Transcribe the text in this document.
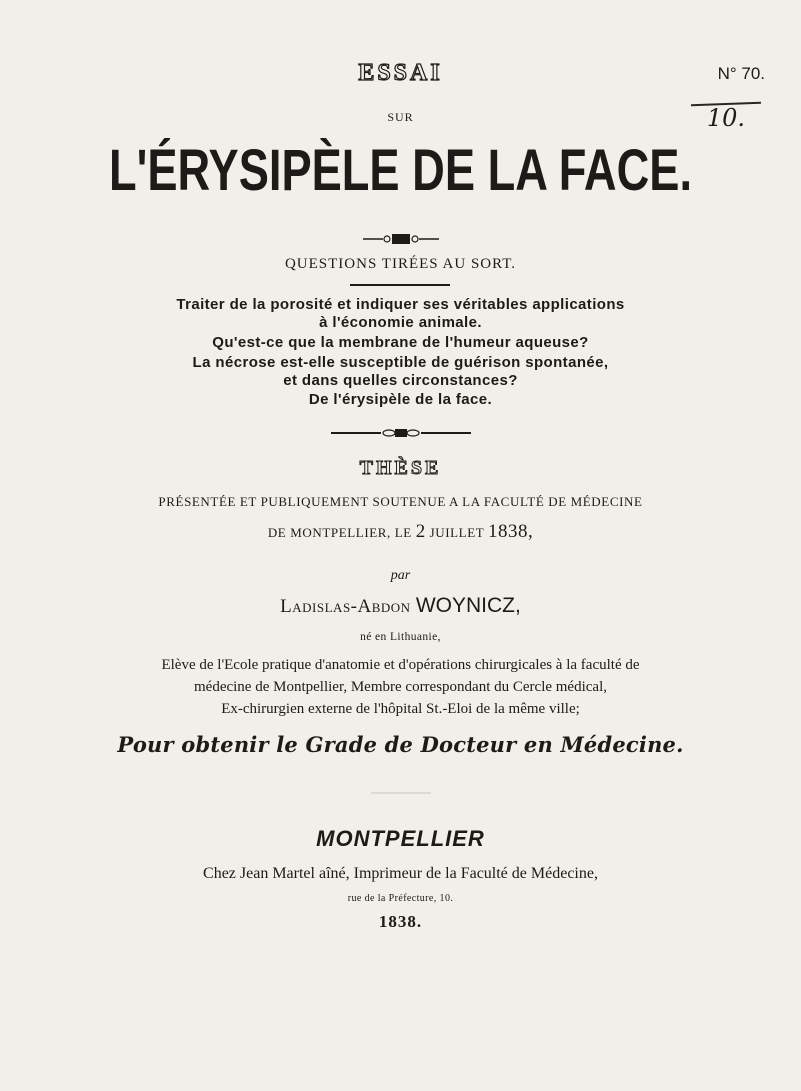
ESSAI	N° 70.
10.
SUR
L'ÉRYSIPÈLE DE LA FACE.
QUESTIONS TIRÉES AU SORT.
Traiter de la porosité et indiquer ses véritables applications
à l'économie animale.
Qu'est-ce que la membrane de l'humeur aqueuse?
La nécrose est-elle susceptible de guérison spontanée,
et dans quelles circonstances?
De l'érysipèle de la face.
THÈSE
PRÉSENTÉE ET PUBLIQUEMENT SOUTENUE A LA FACULTÉ DE MÉDECINE
DE MONTPELLIER, LE 2 JUILLET 1838,
par
Ladislas-Abdon WOYNICZ,
né en Lithuanie,
Elève de l'Ecole pratique d'anatomie et d'opérations chirurgicales à la faculté de
médecine de Montpellier, Membre correspondant du Cercle médical,
Ex-chirurgien externe de l'hôpital St.-Eloi de la même ville;
Pour obtenir le Grade de Docteur en Médecine.
MONTPELLIER
Chez Jean Martel aîné, Imprimeur de la Faculté de Médecine,
rue de la Préfecture, 10.
1838.
